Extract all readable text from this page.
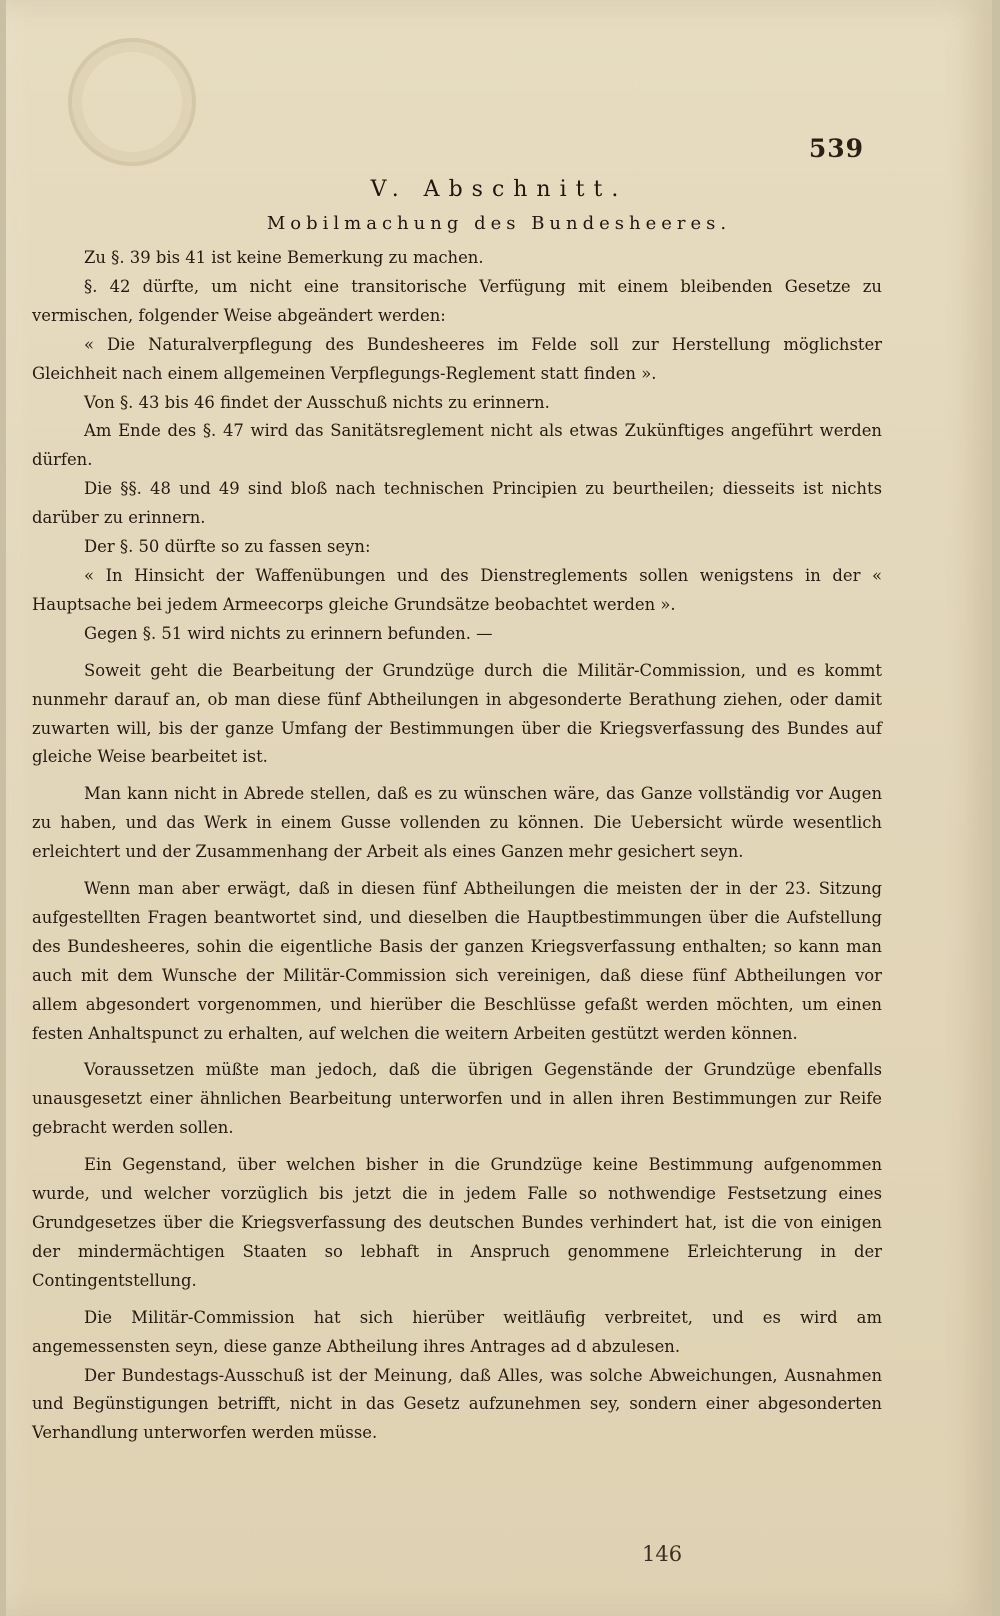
539
V. Abschnitt.
Mobilmachung des Bundesheeres.

Zu §. 39 bis 41 ist keine Bemerkung zu machen.

§. 42 dürfte, um nicht eine transitorische Verfügung mit einem bleibenden Gesetze zu vermischen, folgender Weise abgeändert werden:

« Die Naturalverpflegung des Bundesheeres im Felde soll zur Herstellung möglichster Gleichheit nach einem allgemeinen Verpflegungs-Reglement statt finden ».

Von §. 43 bis 46 findet der Ausschuß nichts zu erinnern.

Am Ende des §. 47 wird das Sanitätsreglement nicht als etwas Zukünftiges angeführt werden dürfen.

Die §§. 48 und 49 sind bloß nach technischen Principien zu beurtheilen; diesseits ist nichts darüber zu erinnern.

Der §. 50 dürfte so zu fassen seyn:

« In Hinsicht der Waffenübungen und des Dienstreglements sollen wenigstens in der « Hauptsache bei jedem Armeecorps gleiche Grundsätze beobachtet werden ».

Gegen §. 51 wird nichts zu erinnern befunden. —

Soweit geht die Bearbeitung der Grundzüge durch die Militär-Commission, und es kommt nunmehr darauf an, ob man diese fünf Abtheilungen in abgesonderte Berathung ziehen, oder damit zuwarten will, bis der ganze Umfang der Bestimmungen über die Kriegsverfassung des Bundes auf gleiche Weise bearbeitet ist.

Man kann nicht in Abrede stellen, daß es zu wünschen wäre, das Ganze vollständig vor Augen zu haben, und das Werk in einem Gusse vollenden zu können. Die Uebersicht würde wesentlich erleichtert und der Zusammenhang der Arbeit als eines Ganzen mehr gesichert seyn.

Wenn man aber erwägt, daß in diesen fünf Abtheilungen die meisten der in der 23. Sitzung aufgestellten Fragen beantwortet sind, und dieselben die Hauptbestimmungen über die Aufstellung des Bundesheeres, sohin die eigentliche Basis der ganzen Kriegsverfassung enthalten; so kann man auch mit dem Wunsche der Militär-Commission sich vereinigen, daß diese fünf Abtheilungen vor allem abgesondert vorgenommen, und hierüber die Beschlüsse gefaßt werden möchten, um einen festen Anhaltspunct zu erhalten, auf welchen die weitern Arbeiten gestützt werden können.

Voraussetzen müßte man jedoch, daß die übrigen Gegenstände der Grundzüge ebenfalls unausgesetzt einer ähnlichen Bearbeitung unterworfen und in allen ihren Bestimmungen zur Reife gebracht werden sollen.

Ein Gegenstand, über welchen bisher in die Grundzüge keine Bestimmung aufgenommen wurde, und welcher vorzüglich bis jetzt die in jedem Falle so nothwendige Festsetzung eines Grundgesetzes über die Kriegsverfassung des deutschen Bundes verhindert hat, ist die von einigen der mindermächtigen Staaten so lebhaft in Anspruch genommene Erleichterung in der Contingentstellung.

Die Militär-Commission hat sich hierüber weitläufig verbreitet, und es wird am angemessensten seyn, diese ganze Abtheilung ihres Antrages ad d abzulesen.

Der Bundestags-Ausschuß ist der Meinung, daß Alles, was solche Abweichungen, Ausnahmen und Begünstigungen betrifft, nicht in das Gesetz aufzunehmen sey, sondern einer abgesonderten Verhandlung unterworfen werden müsse.

146
